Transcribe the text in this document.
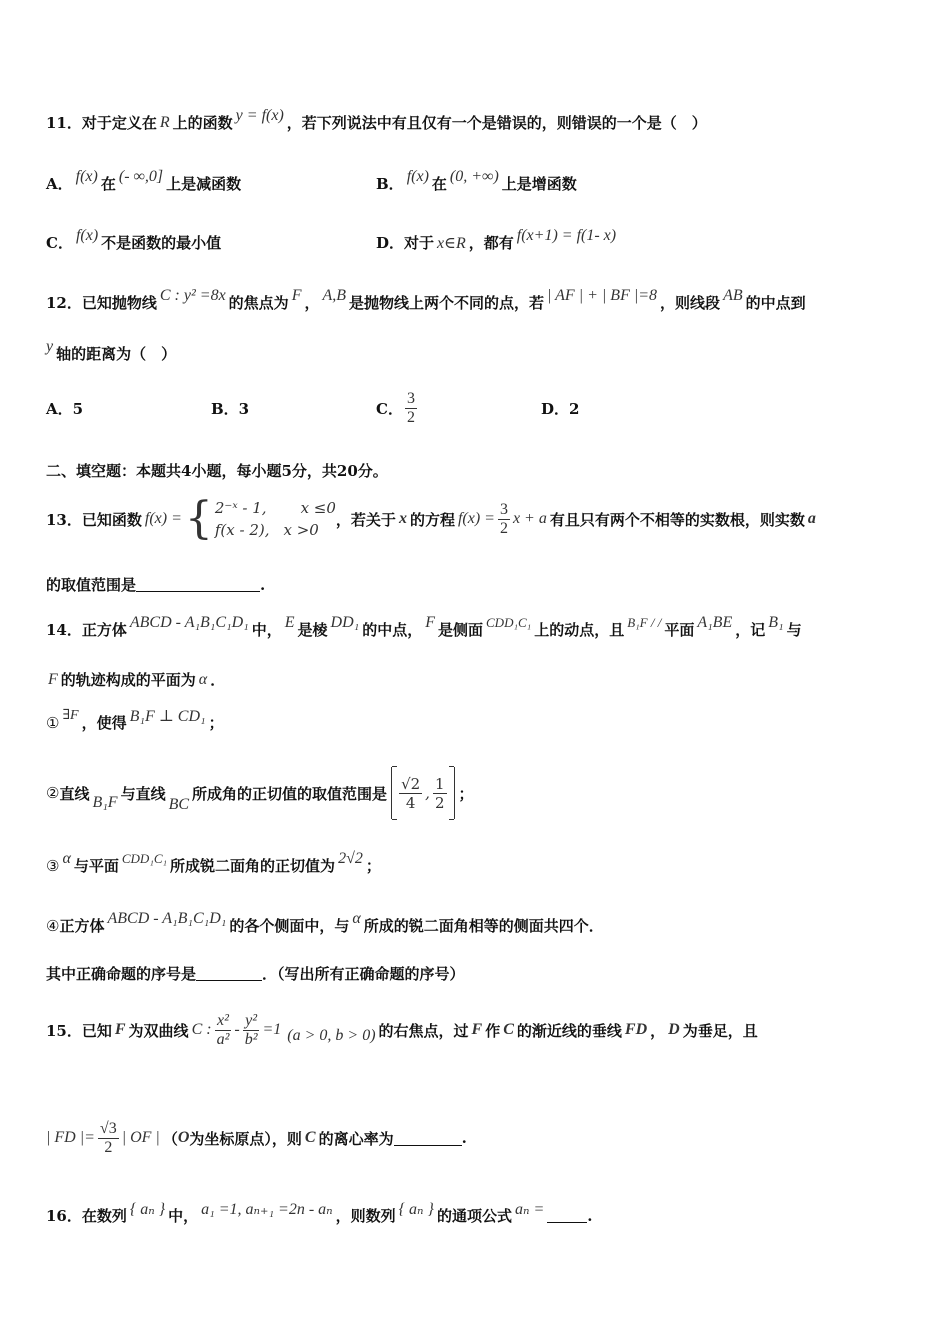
11．对于定义在 R 上的函数 y = f(x) ，若下列说法中有且仅有一个是错误的，则错误的一个是（　）
A． f(x) 在 (- ∞,0] 上是减函数	B． f(x) 在 (0, +∞) 上是增函数
C． f(x) 不是函数的最小值	D． 对于 x∈R ，都有 f(x+1) = f(1- x)
12．已知抛物线 C : y² =8x 的焦点为 F ， A,B 是抛物线上两个不同的点，若 | AF | + | BF |=8 ，则线段 AB 的中点到
y 轴的距离为（　）
A．5	B．3	C． $\frac{3}{2}$	D．2
二、填空题：本题共4小题，每小题5分，共20分。
13．已知函数 f(x) = { 2⁻ˣ - 1, x ≤0
f(x - 2), x >0
，若关于 x 的方程 $f(x) = \frac{3}{2}$ x + a 有且只有两个不相等的实数根，则实数 a
的取值范围是	.
14．正方体 ABCD - A₁B₁C₁D₁ 中， E 是棱 DD₁ 的中点， F 是侧面 CDD₁C₁ 上的动点，且 B₁F / / 平面 A₁BE ，记 B₁ 与
F 的轨迹构成的平面为 α ．
① ∃F ，使得 B₁F ⊥ CD₁ ；
② 直线 B₁F 与直线
BC
所成角的正切值的取值范围是 $\frac{√2}{4}$ , $\frac{1}{2}$ ；
③ α 与平面 CDD₁C₁ 所成锐二面角的正切值为 2√2 ；
④ 正方体 ABCD - A₁B₁C₁D₁ 的各个侧面中，与 α 所成的锐二面角相等的侧面共四个．
其中正确命题的序号是	．（写出所有正确命题的序号）
15．已知 F 为双曲线 C : $\frac{\text{x²}}{\text{a²}} - \frac{\text{y²}}{\text{b²}} =1$ (a > 0, b > 0) 的右焦点，过 F 作 C 的渐近线的垂线 FD ， D 为垂足，且
| FD |= $\frac{√3}{2}$ | OF | （ O 为坐标原点），则 C 的离心率为	.
16．在数列 { aₙ } 中， a₁ =1, aₙ₊₁ =2n - aₙ ，则数列 { aₙ } 的通项公式 aₙ =	.
